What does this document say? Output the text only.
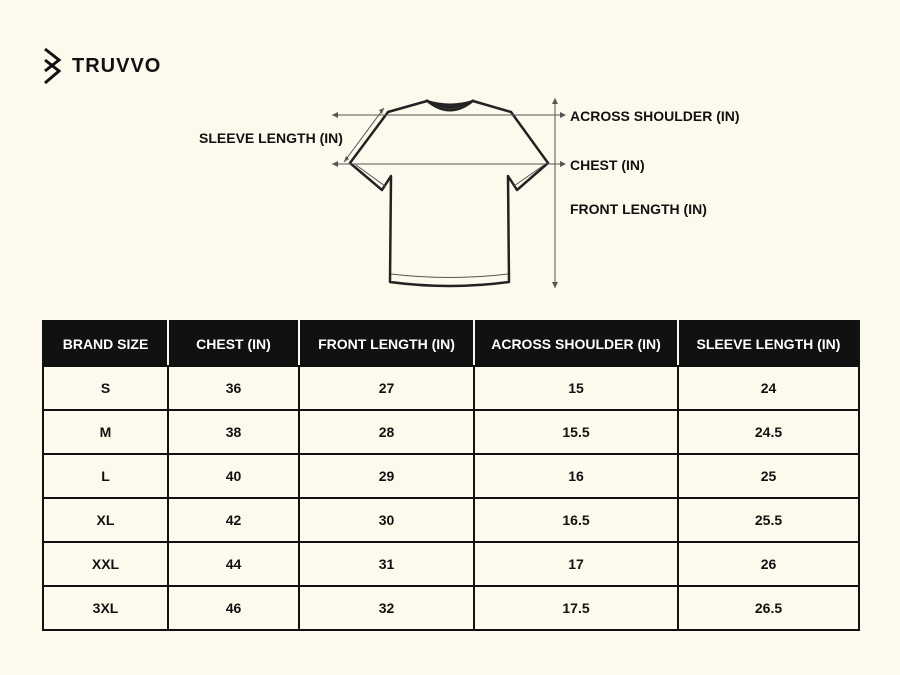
TRUVVO
SLEEVE LENGTH (IN)
ACROSS SHOULDER (IN)
CHEST (IN)
FRONT LENGTH (IN)
BRAND SIZE	CHEST (IN)	FRONT LENGTH (IN)	ACROSS SHOULDER (IN)	SLEEVE LENGTH (IN)
S	36	27	15	24
M	38	28	15.5	24.5
L	40	29	16	25
XL	42	30	16.5	25.5
XXL	44	31	17	26
3XL	46	32	17.5	26.5
